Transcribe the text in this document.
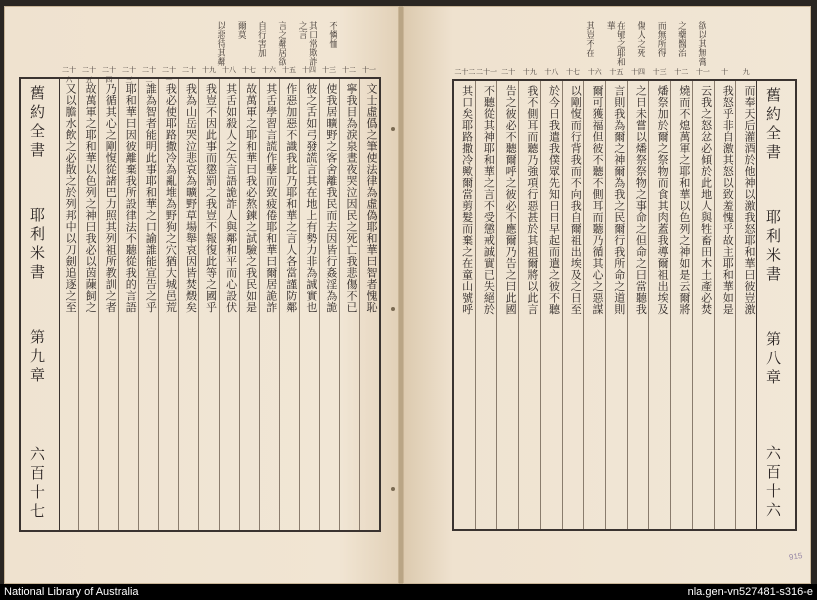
不憐恤
其口常欺詐之言
言之鄰居欲
自行害加
爾莫
以惡待其鄰
十一
十二
十三
十四
十五
十六
十七
十八
十九
二十
二十一
二十二
二十三
二十四
二十五
二十六
舊約全書
耶利米書
第九章
六百十七
文士虛僞之筆使法律為虛偽耶和華曰智者愧恥
寧我目為淚泉晝夜哭泣因民之死亡我悲傷不已
使我居曠野之客舍離我民而去因皆行姦淫為詭
彼之舌如弓發謊言其在地上有勢力非為誠實也
作惡加惡不識我此乃耶和華之言人各當謹防鄰
其舌學習言謊作孽而致疲倦耶和華曰爾居詭詐
故萬軍之耶和華曰我必熬鍊之試驗之我民如是
其舌如殺人之矢言語詭詐人與鄰和平而心設伏
我豈不因此事而懲罰之我豈不報復此等之國乎
我為山岳哭泣悲哀為曠野草場舉哀因皆焚燬矣
我必使耶路撒冷為亂堆為野狗之穴猶大城邑荒
誰為智者能明此事耶和華之口諭誰能宣告之乎
耶和華曰因彼離棄我所設律法不聽從我的言語
乃循其心之剛愎從諸巴力照其列祖所教訓之者
故萬軍之耶和華以色列之神曰我必以茵蔯飼之
又以膽水飲之必散之於列邦中以刀劍追逐之至
欲以其無膏
之藥醫治
而無所得
傷人之死
在郇之耶和華
其豈不在
九
十
十一
十二
十三
十四
十五
十六
十七
十八
十九
二十
二十一
二十二
而奉天后灌酒於他神以激我怒耶和華曰彼豈激
我怒乎非自激其怒以致羞愧乎故主耶和華如是
云我之怒忿必傾於此地人與牲畜田木土產必焚
燒而不熄萬軍之耶和華以色列之神如是云爾將
燔祭加於爾之祭物而食其肉蓋我導爾祖出埃及
之日未嘗以燔祭祭物之事命之但命之曰當聽我
言則我為爾之神爾為我之民爾行我所命之道則
爾可獲福但彼不聽不側耳而聽乃循其心之惡謀
以剛愎而行背我而不向我自爾祖出埃及之日至
於今日我遣我僕眾先知日日早起而遣之彼不聽
我不側耳而聽乃強項行惡甚於其祖爾將以此言
告之彼必不聽爾呼之彼必不應爾乃告之曰此國
不聽從其神耶和華之言不受懲戒誠實已失絕於
其口矣耶路撒冷歟爾當剪髮而棄之在童山號呼	舊約全書
耶利米書
第八章
六百十六
915
National Library of Australia	nla.gen-vn527481-s316-e
